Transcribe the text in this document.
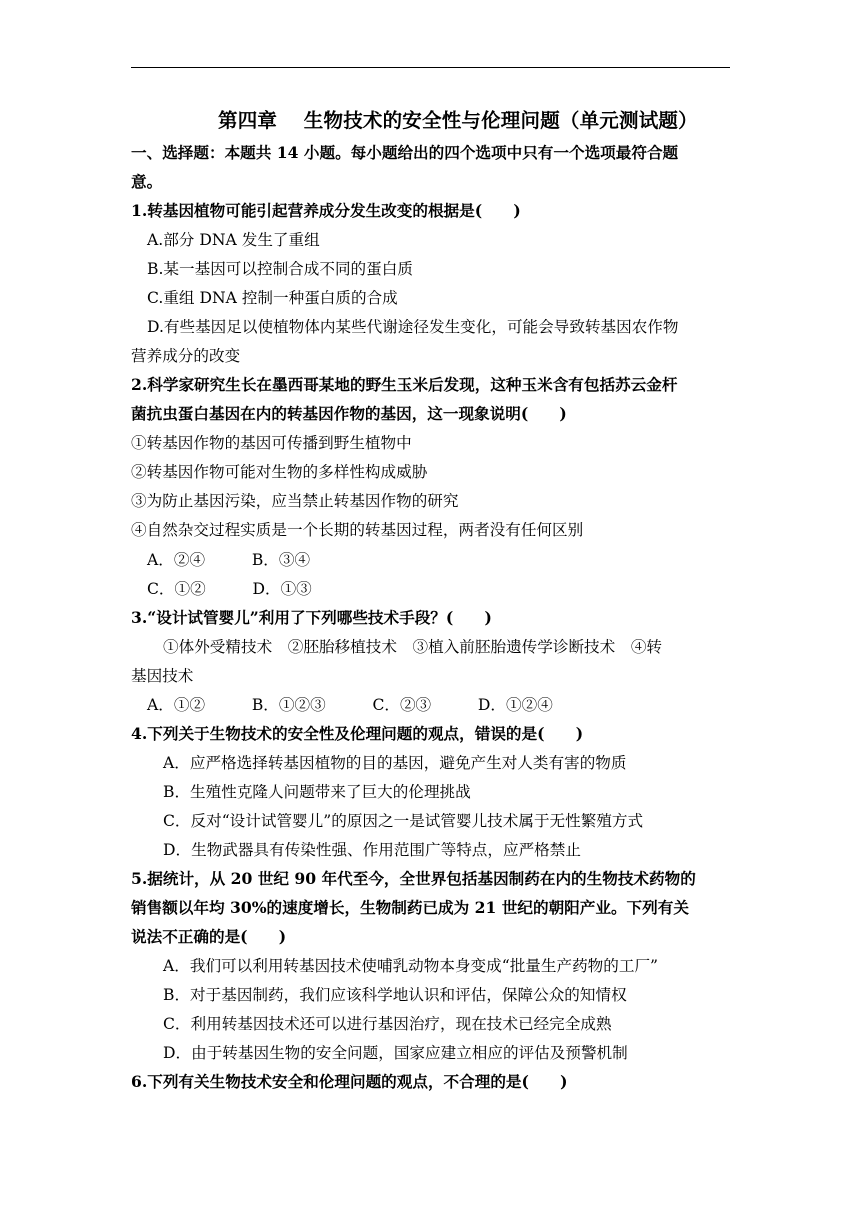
第四章　 生物技术的安全性与伦理问题（单元测试题）
一、选择题：本题共 14 小题。每小题给出的四个选项中只有一个选项最符合题
意。
1.转基因植物可能引起营养成分发生改变的根据是(　　)
A.部分 DNA 发生了重组
B.某一基因可以控制合成不同的蛋白质
C.重组 DNA 控制一种蛋白质的合成
D.有些基因足以使植物体内某些代谢途径发生变化，可能会导致转基因农作物
营养成分的改变
2.科学家研究生长在墨西哥某地的野生玉米后发现，这种玉米含有包括苏云金杆
菌抗虫蛋白基因在内的转基因作物的基因，这一现象说明(　　)
①转基因作物的基因可传播到野生植物中
②转基因作物可能对生物的多样性构成威胁
③为防止基因污染，应当禁止转基因作物的研究
④自然杂交过程实质是一个长期的转基因过程，两者没有任何区别
A．②④　　　B．③④
C．①②　　　D．①③
3.“设计试管婴儿”利用了下列哪些技术手段？(　　)
①体外受精技术　②胚胎移植技术　③植入前胚胎遗传学诊断技术　④转
基因技术
A．①②　　　B．①②③　　　C．②③　　　D．①②④
4.下列关于生物技术的安全性及伦理问题的观点，错误的是(　　)
A．应严格选择转基因植物的目的基因，避免产生对人类有害的物质
B．生殖性克隆人问题带来了巨大的伦理挑战
C．反对“设计试管婴儿”的原因之一是试管婴儿技术属于无性繁殖方式
D．生物武器具有传染性强、作用范围广等特点，应严格禁止
5.据统计，从 20 世纪 90 年代至今，全世界包括基因制药在内的生物技术药物的
销售额以年均 30%的速度增长，生物制药已成为 21 世纪的朝阳产业。下列有关
说法不正确的是(　　)
A．我们可以利用转基因技术使哺乳动物本身变成“批量生产药物的工厂”
B．对于基因制药，我们应该科学地认识和评估，保障公众的知情权
C．利用转基因技术还可以进行基因治疗，现在技术已经完全成熟
D．由于转基因生物的安全问题，国家应建立相应的评估及预警机制
6.下列有关生物技术安全和伦理问题的观点，不合理的是(　　)
